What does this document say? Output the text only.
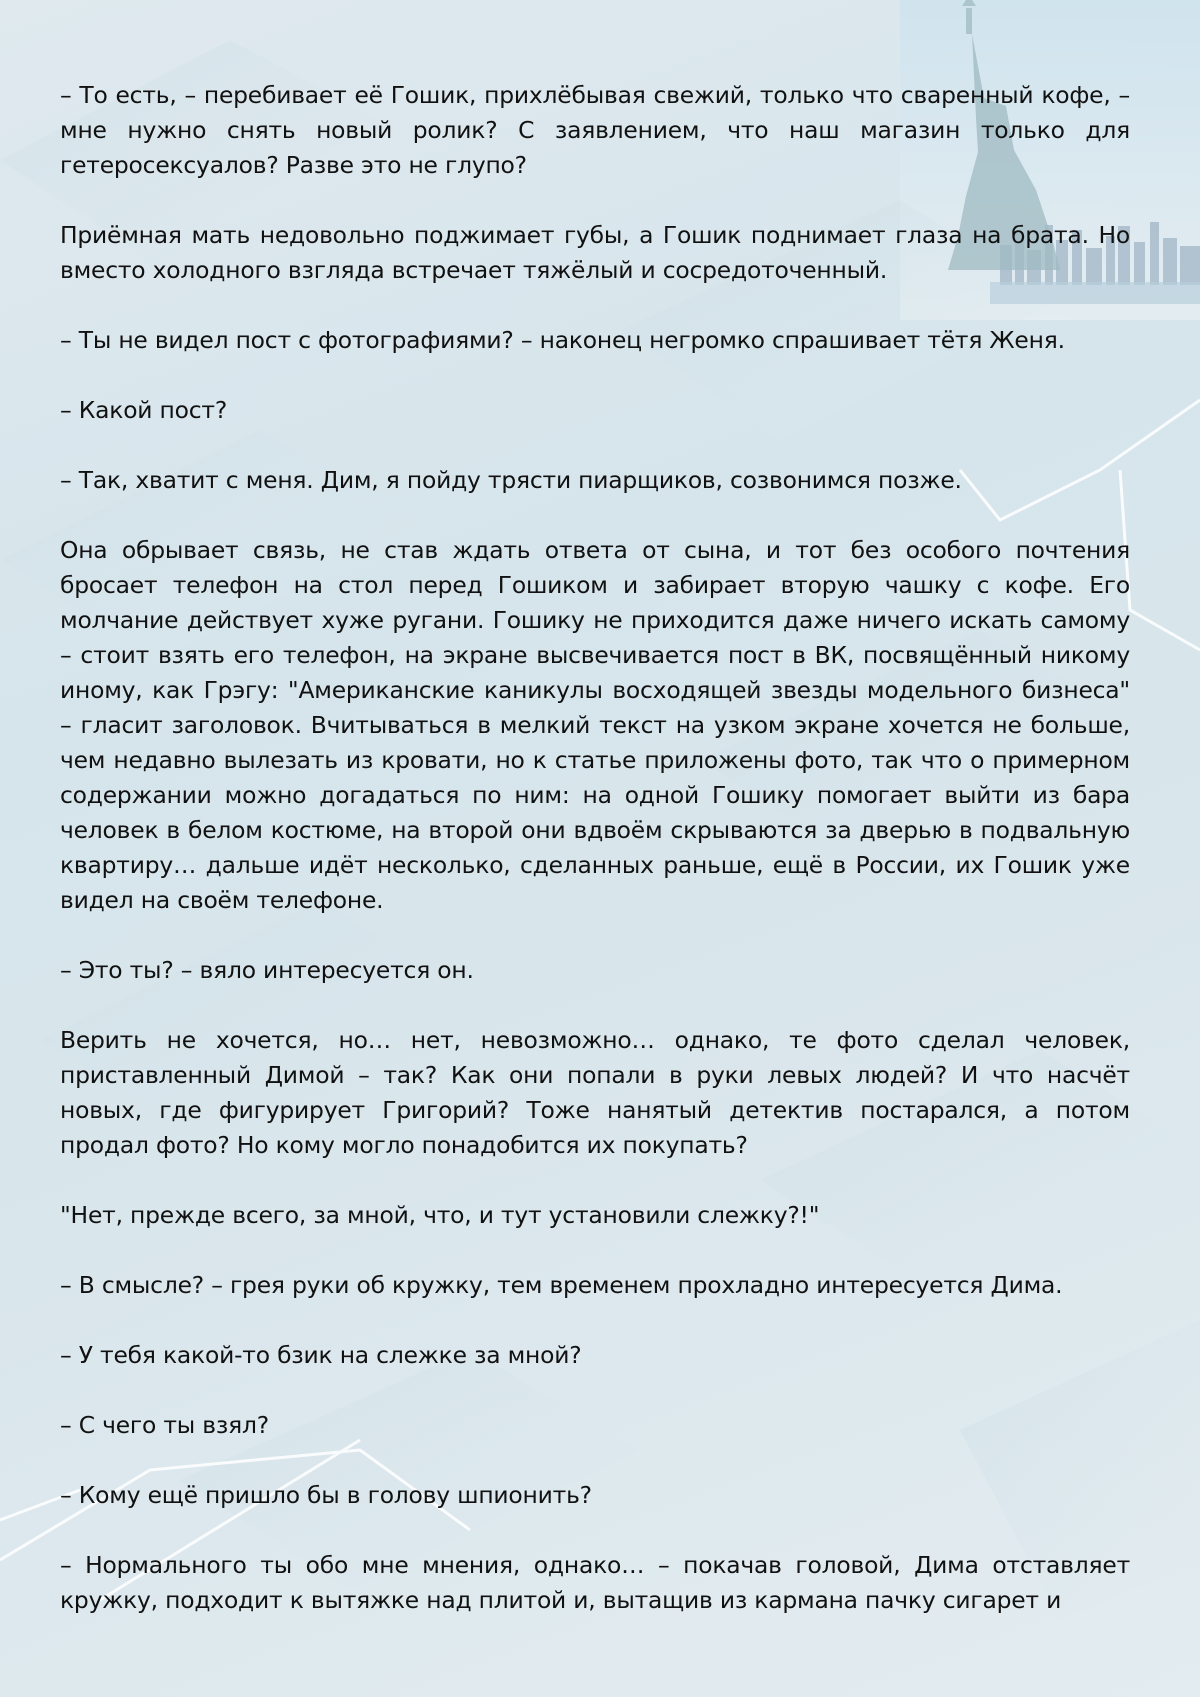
– То есть, – перебивает её Гошик, прихлёбывая свежий, только что сваренный кофе, – мне нужно снять новый ролик? С заявлением, что наш магазин только для гетеросексуалов? Разве это не глупо?

Приёмная мать недовольно поджимает губы, а Гошик поднимает глаза на брата. Но вместо холодного взгляда встречает тяжёлый и сосредоточенный.

– Ты не видел пост с фотографиями? – наконец негромко спрашивает тётя Женя.

– Какой пост?

– Так, хватит с меня. Дим, я пойду трясти пиарщиков, созвонимся позже.

Она обрывает связь, не став ждать ответа от сына, и тот без особого почтения бросает телефон на стол перед Гошиком и забирает вторую чашку с кофе. Его молчание действует хуже ругани. Гошику не приходится даже ничего искать самому – стоит взять его телефон, на экране высвечивается пост в ВК, посвящённый никому иному, как Грэгу: "Американские каникулы восходящей звезды модельного бизнеса" – гласит заголовок. Вчитываться в мелкий текст на узком экране хочется не больше, чем недавно вылезать из кровати, но к статье приложены фото, так что о примерном содержании можно догадаться по ним: на одной Гошику помогает выйти из бара человек в белом костюме, на второй они вдвоём скрываются за дверью в подвальную квартиру… дальше идёт несколько, сделанных раньше, ещё в России, их Гошик уже видел на своём телефоне.

– Это ты? – вяло интересуется он.

Верить не хочется, но… нет, невозможно… однако, те фото сделал человек, приставленный Димой – так? Как они попали в руки левых людей? И что насчёт новых, где фигурирует Григорий? Тоже нанятый детектив постарался, а потом продал фото? Но кому могло понадобится их покупать?

"Нет, прежде всего, за мной, что, и тут установили слежку?!"

– В смысле? – грея руки об кружку, тем временем прохладно интересуется Дима.

– У тебя какой-то бзик на слежке за мной?

– С чего ты взял?

– Кому ещё пришло бы в голову шпионить?

– Нормального ты обо мне мнения, однако… – покачав головой, Дима отставляет кружку, подходит к вытяжке над плитой и, вытащив из кармана пачку сигарет и
